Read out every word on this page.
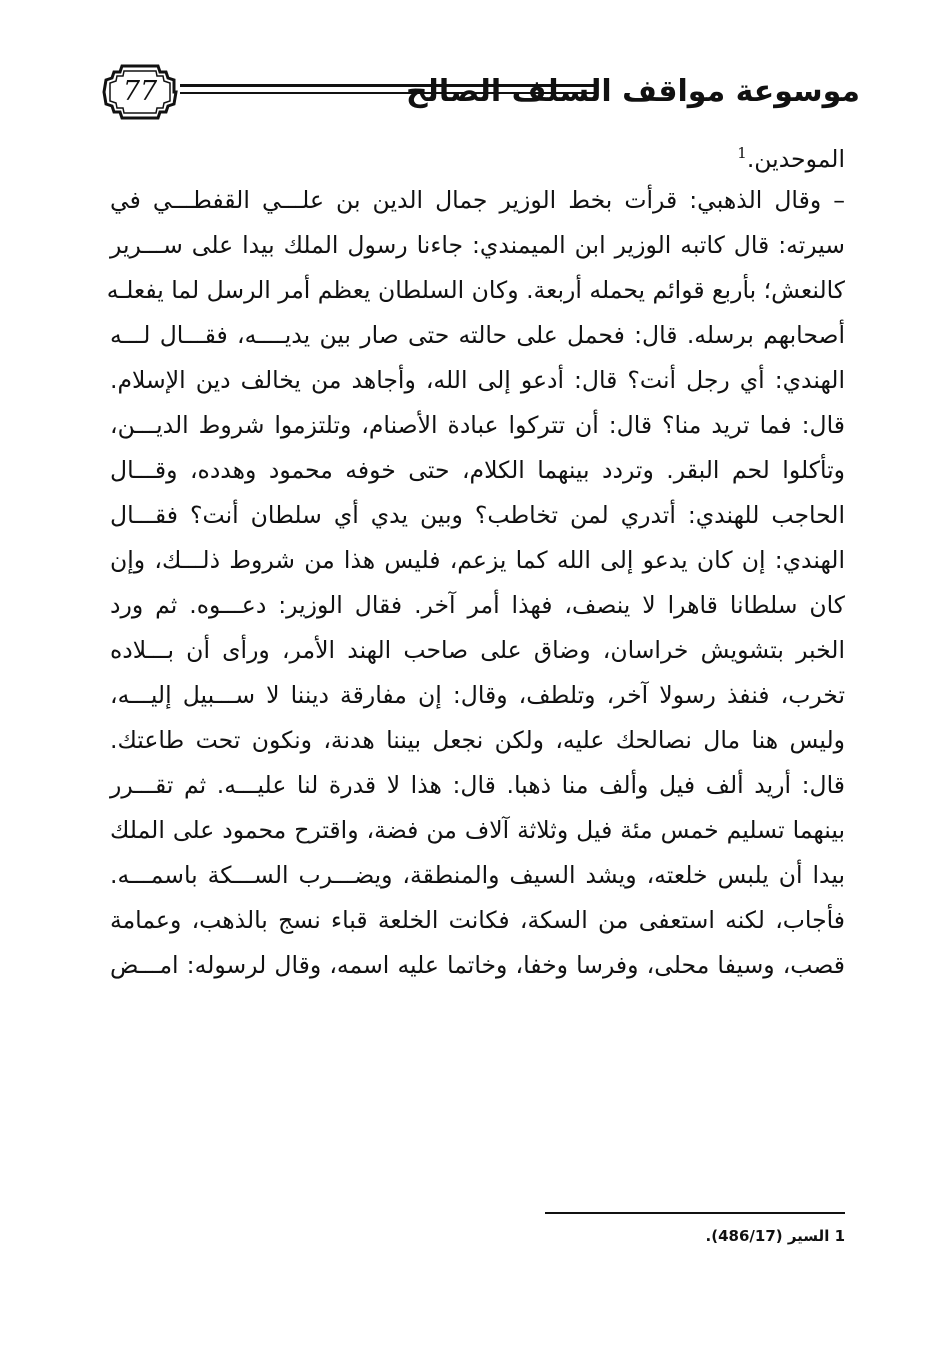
77	موسوعة مواقف السلف الصالح
الموحدين.$^1$
– وقال الذهبي: قرأت بخط الوزير جمال الدين بن علـــي القفطـــي في
سيرته: قال كاتبه الوزير ابن الميمندي: جاءنا رسول الملك بيدا على ســـرير
كالنعش؛ بأربع قوائم يحمله أربعة. وكان السلطان يعظم أمر الرسل لما يفعلـه
أصحابهم برسله. قال: فحمل على حالته حتى صار بين يديــــه، فقـــال لـــه
الهندي: أي رجل أنت؟ قال: أدعو إلى الله، وأجاهد من يخالف دين الإسلام.
قال: فما تريد منا؟ قال: أن تتركوا عبادة الأصنام، وتلتزموا شروط الديـــن،
وتأكلوا لحم البقر. وتردد بينهما الكلام، حتى خوفه محمود وهدده، وقـــال
الحاجب للهندي: أتدري لمن تخاطب؟ وبين يدي أي سلطان أنت؟ فقـــال
الهندي: إن كان يدعو إلى الله كما يزعم، فليس هذا من شروط ذلـــك، وإن
كان سلطانا قاهرا لا ينصف، فهذا أمر آخر. فقال الوزير: دعـــوه. ثم ورد
الخبر بتشويش خراسان، وضاق على صاحب الهند الأمر، ورأى أن بـــلاده
تخرب، فنفذ رسولا آخر، وتلطف، وقال: إن مفارقة ديننا لا ســـبيل إليـــه،
وليس هنا مال نصالحك عليه، ولكن نجعل بيننا هدنة، ونكون تحت طاعتك.
قال: أريد ألف فيل وألف منا ذهبا. قال: هذا لا قدرة لنا عليـــه. ثم تقـــرر
بينهما تسليم خمس مئة فيل وثلاثة آلاف من فضة، واقترح محمود على الملك
بيدا أن يلبس خلعته، ويشد السيف والمنطقة، ويضـــرب الســـكة باسمـــه.
فأجاب، لكنه استعفى من السكة، فكانت الخلعة قباء نسج بالذهب، وعمامة
قصب، وسيفا محلى، وفرسا وخفا، وخاتما عليه اسمه، وقال لرسوله: امـــض
1 السير (486/17).
